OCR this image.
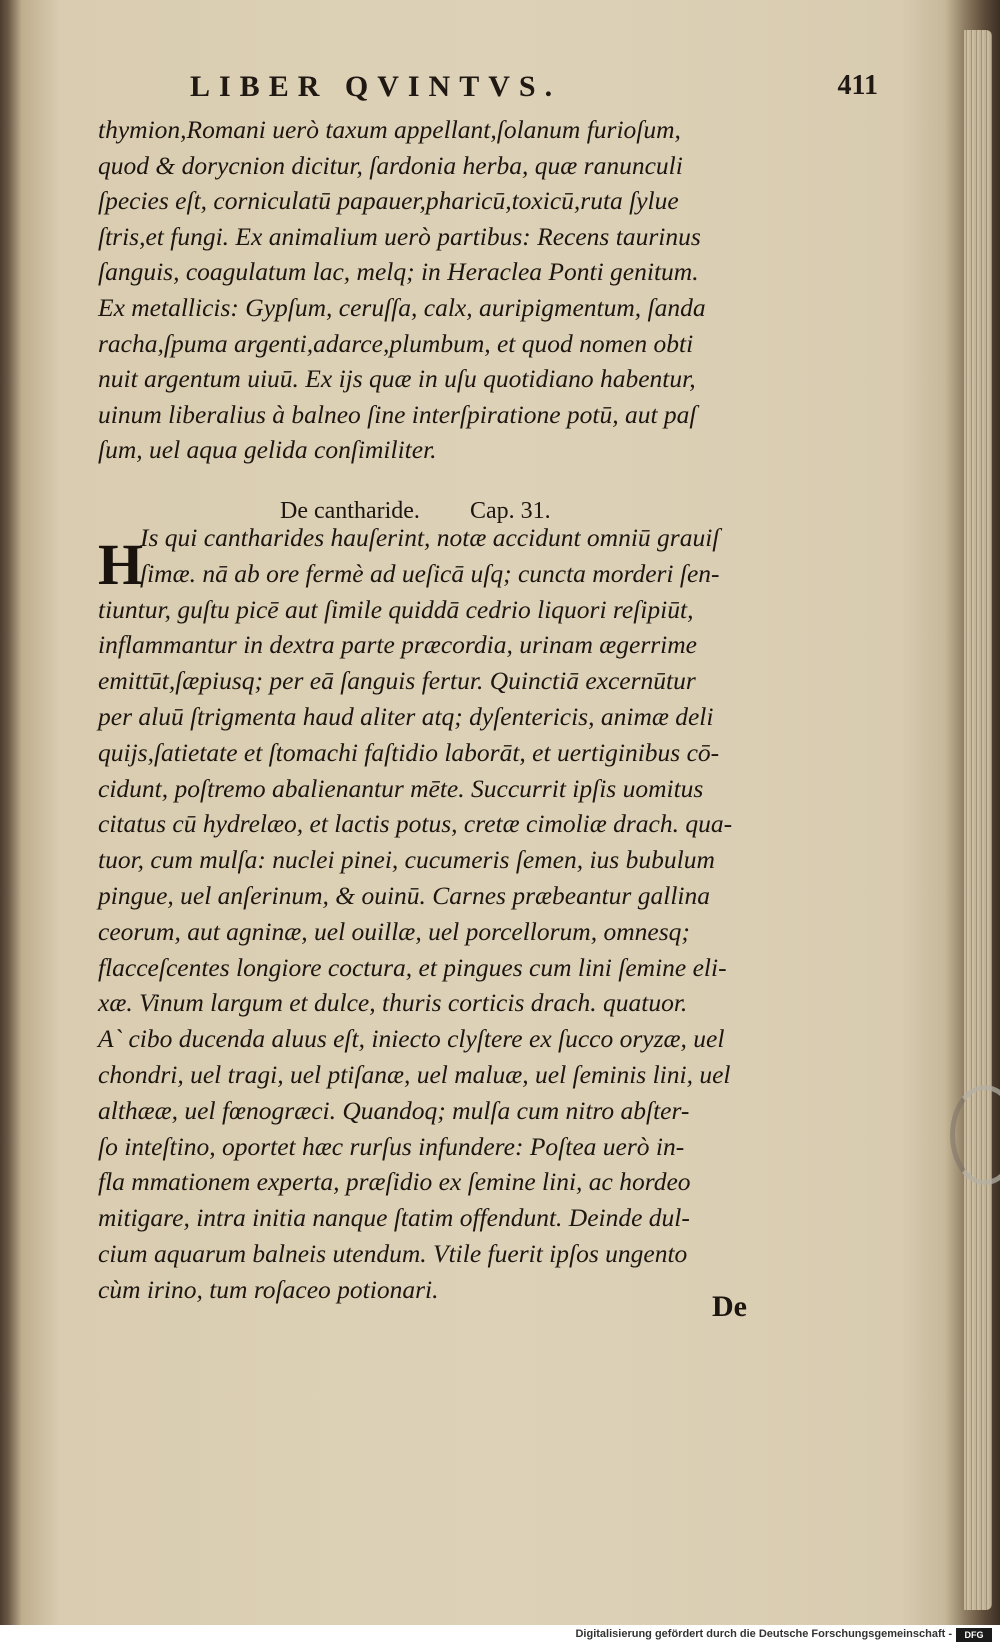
LIBER QVINTVS.	411
thymion,Romani uerò taxum appellant,ſolanum furioſum,
quod & dorycnion dicitur, ſardonia herba, quæ ranunculi
ſpecies eſt, corniculatū papauer,pharicū,toxicū,ruta ſylue
ſtris,et fungi. Ex animalium uerò partibus: Recens taurinus
ſanguis, coagulatum lac, melq; in Heraclea Ponti genitum.
Ex metallicis: Gypſum, ceruſſa, calx, auripigmentum, ſanda
racha,ſpuma argenti,adarce,plumbum, et quod nomen obti
nuit argentum uiuū. Ex ijs quæ in uſu quotidiano habentur,
uinum liberalius à balneo ſine interſpiratione potū, aut paſ
ſum, uel aqua gelida conſimiliter.
De cantharide. Cap. 31.
H
Is qui cantharides hauſerint, notæ accidunt omniū grauiſ
ſimæ. nā ab ore fermè ad ueſicā uſq; cuncta morderi ſen-
tiuntur, guſtu picē aut ſimile quiddā cedrio liquori reſipiūt,
inflammantur in dextra parte præcordia, urinam ægerrime
emittūt,ſæpiusq; per eā ſanguis fertur. Quinctiā excernūtur
per aluū ſtrigmenta haud aliter atq; dyſentericis, animæ deli
quijs,ſatietate et ſtomachi faſtidio laborāt, et uertiginibus cō-
cidunt, poſtremo abalienantur mēte. Succurrit ipſis uomitus
citatus cū hydrelæo, et lactis potus, cretæ cimoliæ drach. qua-
tuor, cum mulſa: nuclei pinei, cucumeris ſemen, ius bubulum
pingue, uel anſerinum, & ouinū. Carnes præbeantur gallina
ceorum, aut agninæ, uel ouillæ, uel porcellorum, omnesq;
flacceſcentes longiore coctura, et pingues cum lini ſemine eli-
xæ. Vinum largum et dulce, thuris corticis drach. quatuor.
A` cibo ducenda aluus eſt, iniecto clyſtere ex ſucco oryzæ, uel
chondri, uel tragi, uel ptiſanæ, uel maluæ, uel ſeminis lini, uel
althææ, uel fœnogræci. Quandoq; mulſa cum nitro abſter-
ſo inteſtino, oportet hæc rurſus infundere: Poſtea uerò in-
fla mmationem experta, præſidio ex ſemine lini, ac hordeo
mitigare, intra initia nanque ſtatim offendunt. Deinde dul-
cium aquarum balneis utendum. Vtile fuerit ipſos ungento
cùm irino, tum roſaceo potionari.
De
Digitalisierung gefördert durch die Deutsche Forschungsgemeinschaft -	DFG
